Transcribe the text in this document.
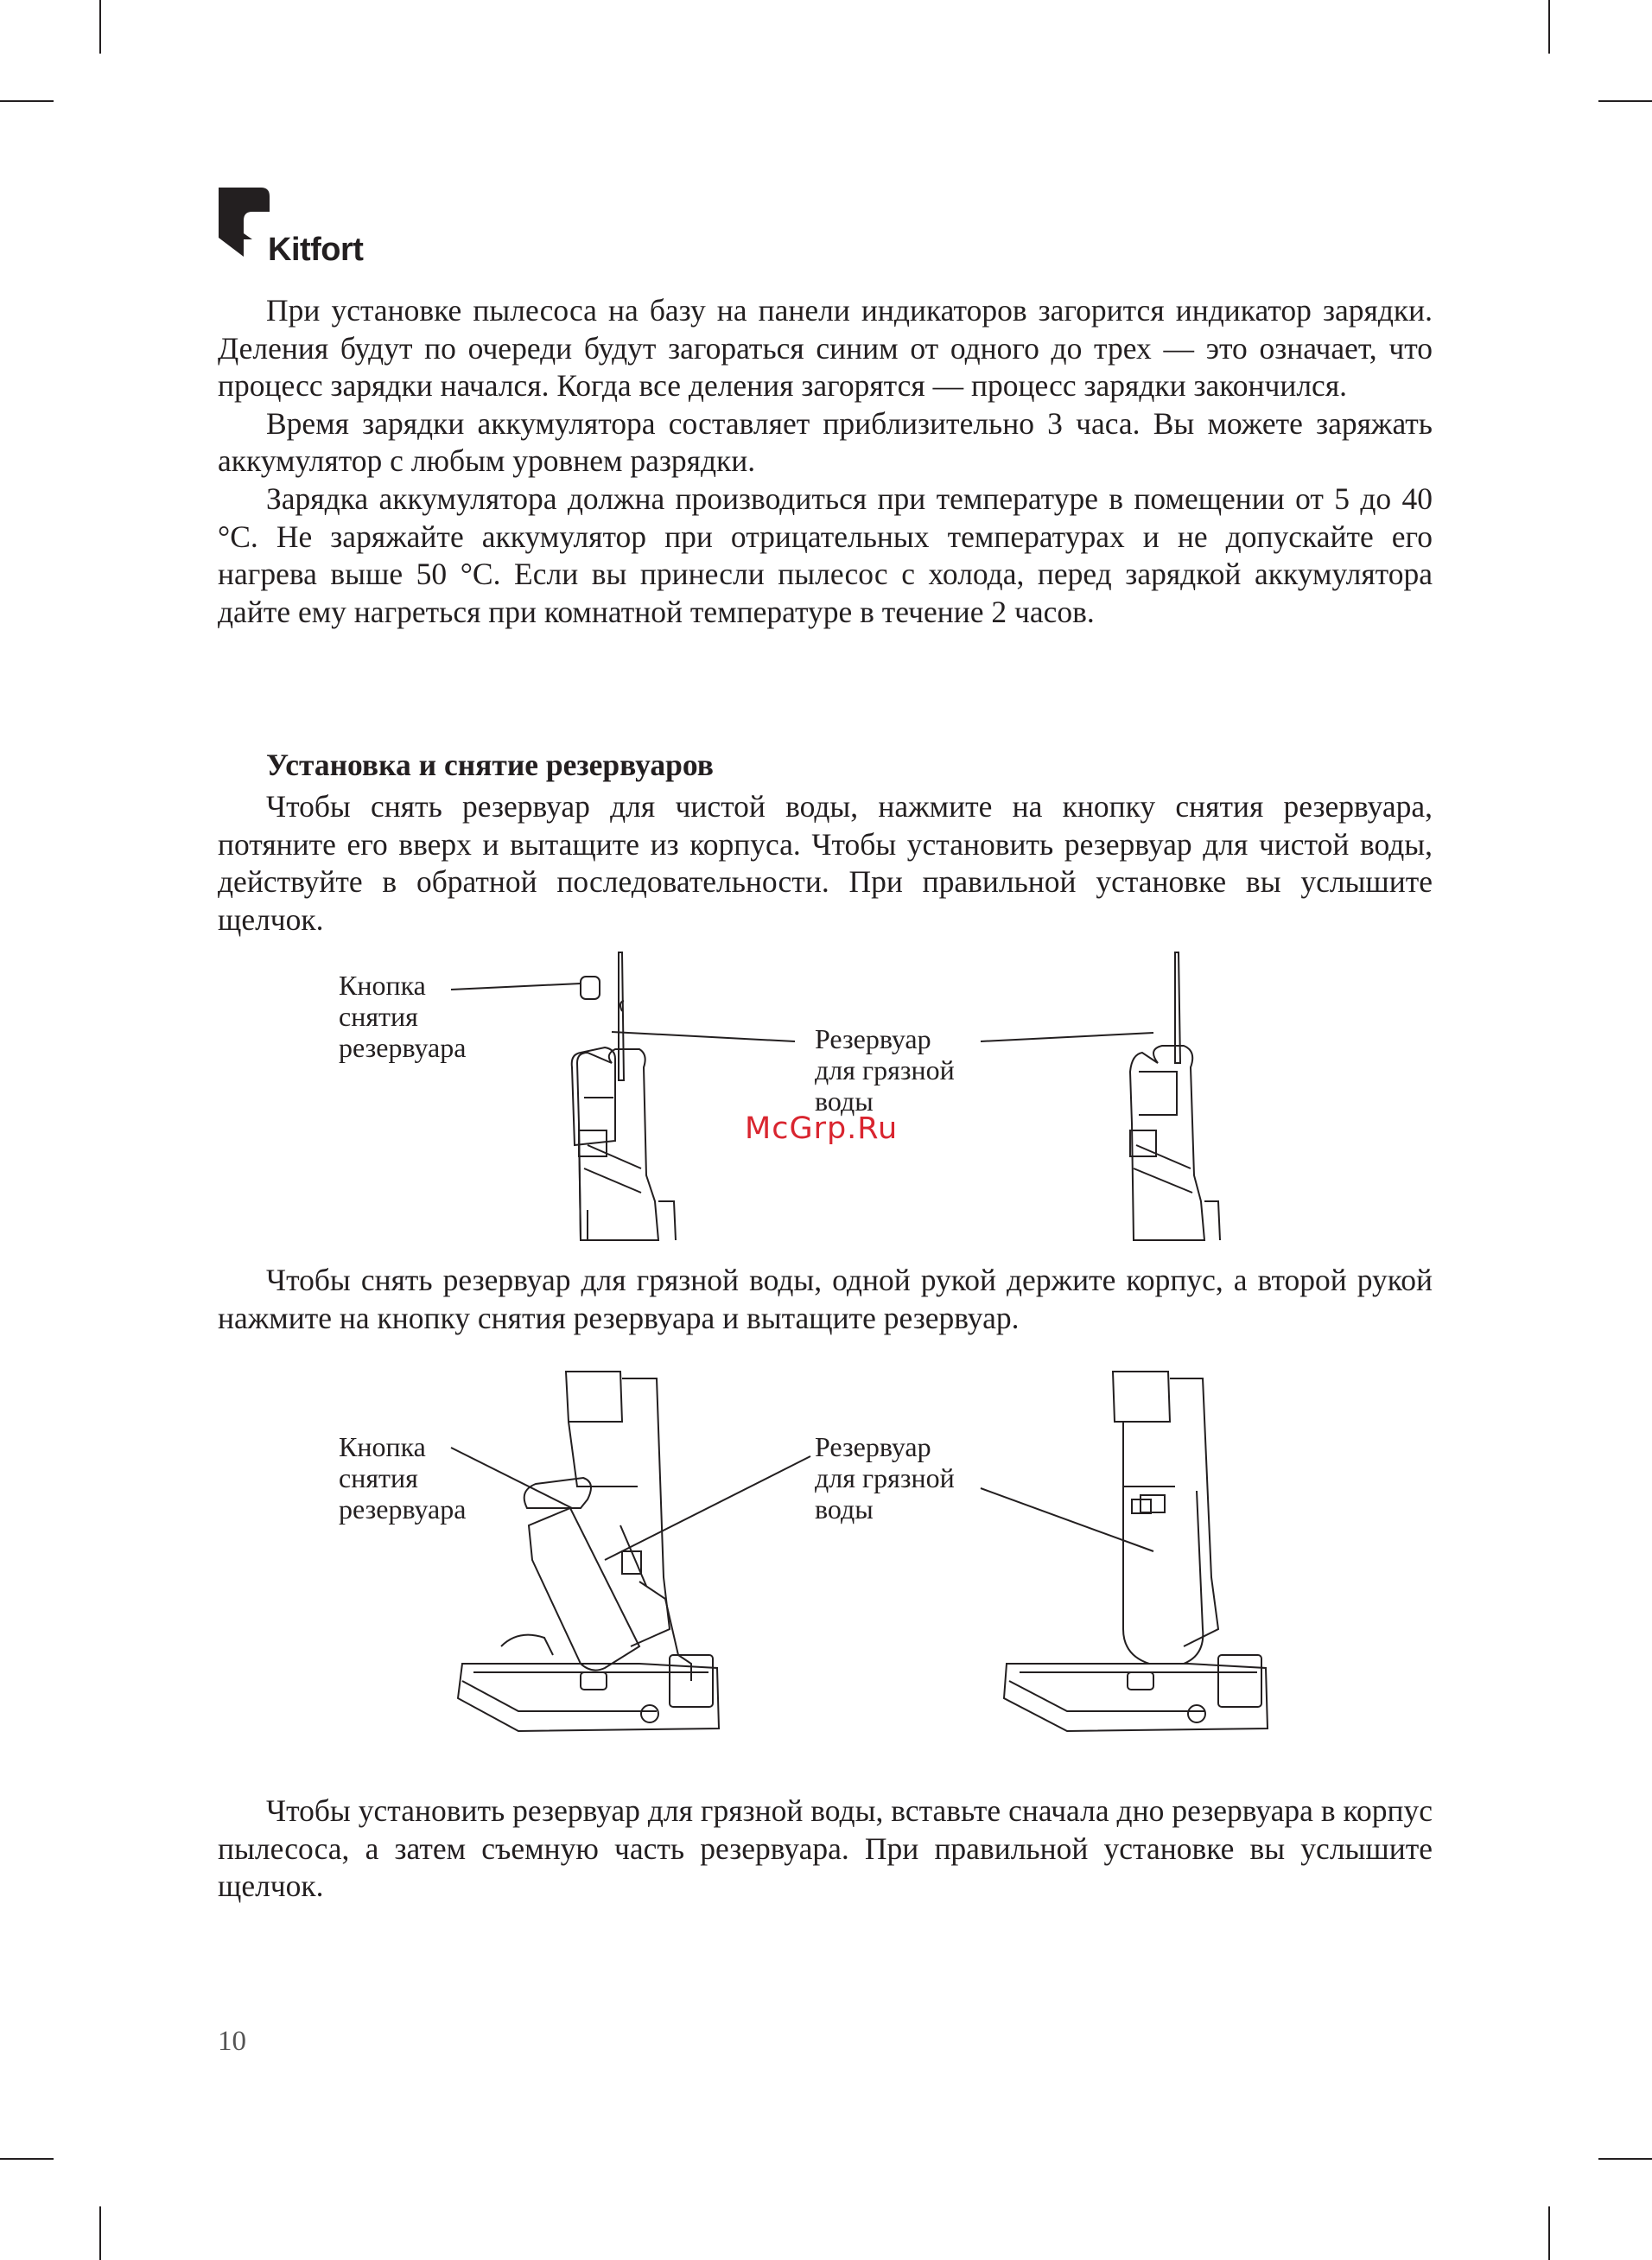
Kitfort

При установке пылесоса на базу на панели индикаторов загорится индикатор зарядки. Деления будут по очереди будут загораться синим от одного до трех — это означает, что процесс зарядки начался. Когда все деления загорятся — процесс зарядки закончился.

Время зарядки аккумулятора составляет приблизительно 3 часа. Вы можете заряжать аккумулятор с любым уровнем разрядки.

Зарядка аккумулятора должна производиться при температуре в помещении от 5 до 40 °C. Не заряжайте аккумулятор при отрицательных температурах и не допускайте его нагрева выше 50 °C. Если вы принесли пылесос с холода, перед зарядкой аккумулятора дайте ему нагреться при комнатной температуре в течение 2 часов.

Установка и снятие резервуаров

Чтобы снять резервуар для чистой воды, нажмите на кнопку снятия резервуара, потяните его вверх и вытащите из корпуса. Чтобы установить резервуар для чистой воды, действуйте в обратной последовательности. При правильной установке вы услышите щелчок.

Кнопка
снятия
резервуара	Резервуар
для грязной
воды
McGrp.Ru

Чтобы снять резервуар для грязной воды, одной рукой держите корпус, а второй рукой нажмите на кнопку снятия резервуара и вытащите резервуар.

Кнопка
снятия
резервуара
Резервуар
для грязной
воды

Чтобы установить резервуар для грязной воды, вставьте сначала дно резервуара в корпус пылесоса, а затем съемную часть резервуара. При правильной установке вы услышите щелчок.

10
